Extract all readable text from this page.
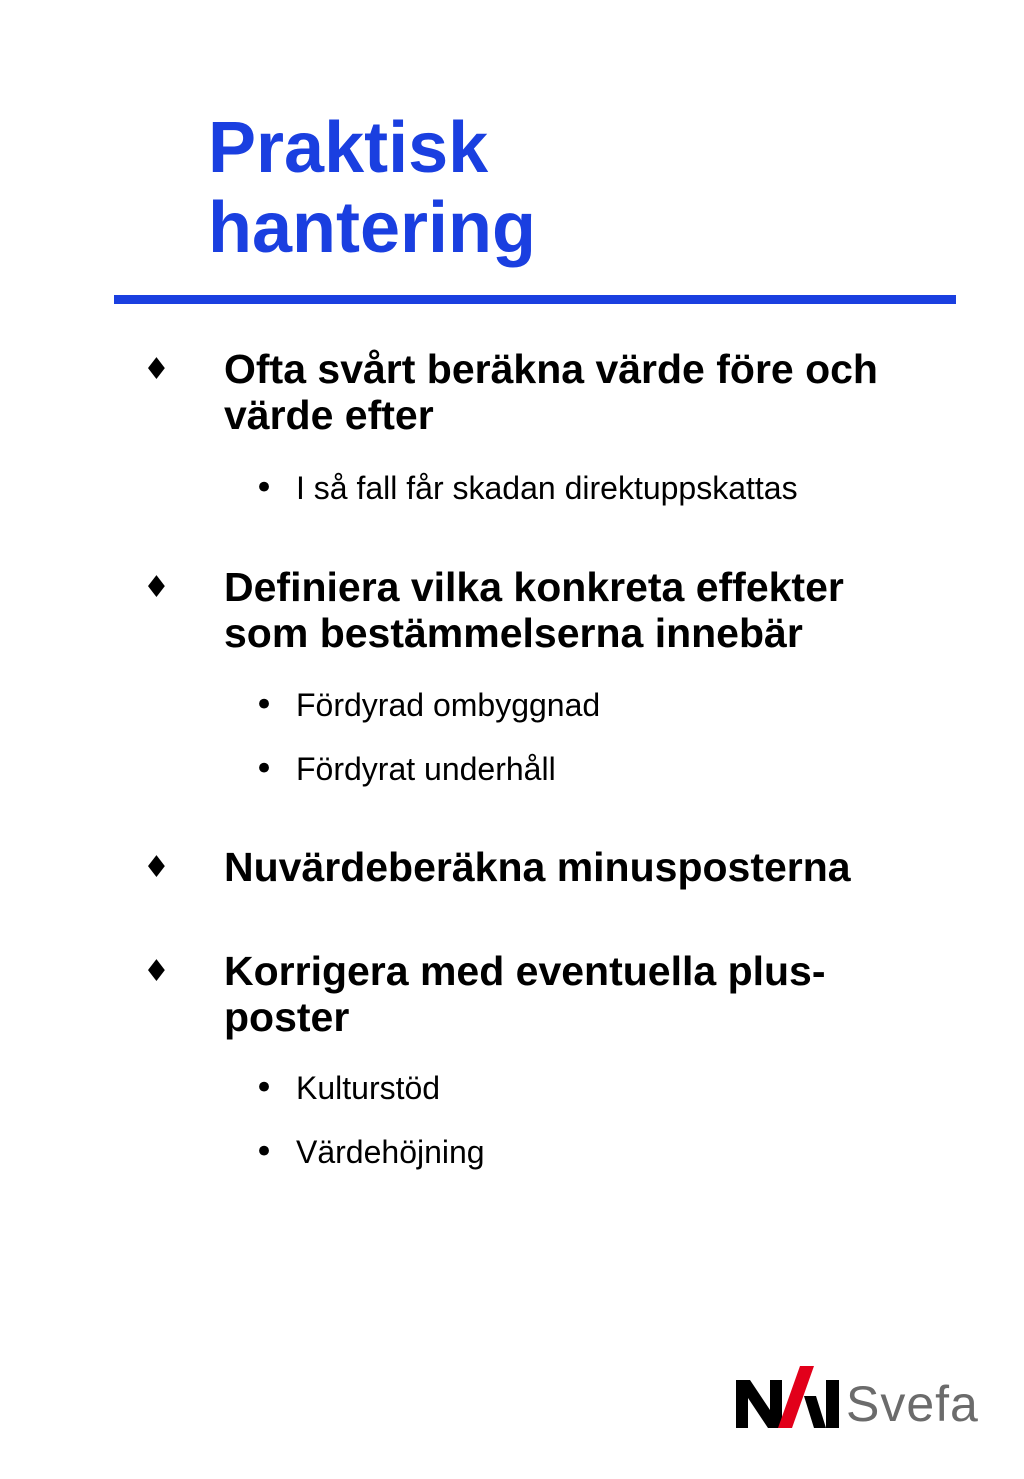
Praktisk
hantering
♦ Ofta svårt beräkna värde före och värde efter
• I så fall får skadan direktuppskattas
♦ Definiera vilka konkreta effekter som bestämmelserna innebär
• Fördyrad ombyggnad
• Fördyrat underhåll
♦ Nuvärdeberäkna minusposterna
♦ Korrigera med eventuella plus-poster
• Kulturstöd
• Värdehöjning
Svefa
